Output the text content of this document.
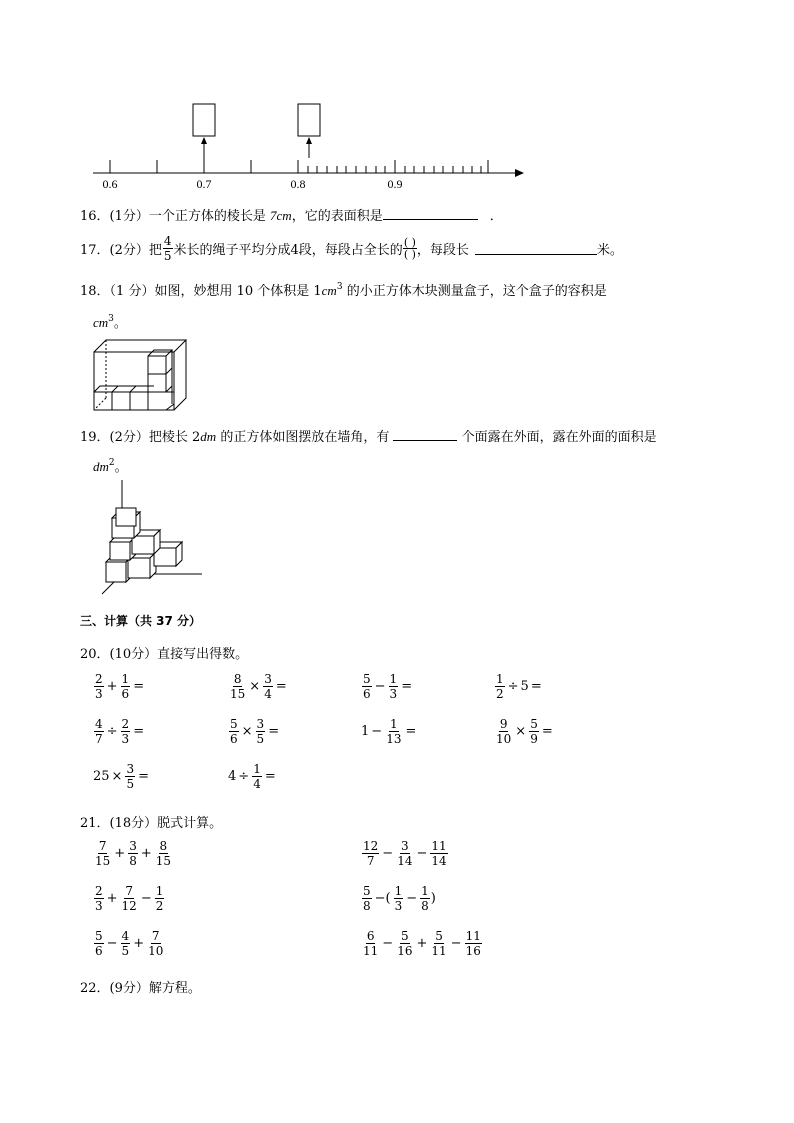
0.6	0.7	0.8	0.9
16．(1分）一个正方体的棱长是 7cm，它的表面积是	．
17．(2分）把 $\frac{4}{5}$ 米长的绳子平均分成4段，每段占全长的 $\frac{( )}{( )}$ ，每段长	米。
18．（1 分）如图，妙想用 10 个体积是 $1cm^3$ 的小正方体木块测量盒子，这个盒子的容积是
$cm^3$。
19．(2分）把棱长 2dm 的正方体如图摆放在墙角，有	个面露在外面，露在外面的面积是
$dm^2$。
三、计算（共 37 分）
20．(10分）直接写出得数。
$\frac{2}{3} + \frac{1}{6}$ =	$\frac{8}{15} \times \frac{3}{4}$ =	$\frac{5}{6} - \frac{1}{3}$ =	$\frac{1}{2} \div 5$ =
$\frac{4}{7} \div \frac{2}{3}$ =	$\frac{5}{6} \times \frac{3}{5}$ =	$1 - \frac{1}{13}$ =	$\frac{9}{10} \times \frac{5}{9}$ =
$25 \times \frac{3}{5}$ =	$4 \div \frac{1}{4}$ =
21．(18分）脱式计算。
$\frac{7}{15} + \frac{3}{8} + \frac{8}{15}$	$\frac{12}{7} - \frac{3}{14} - \frac{11}{14}$
$\frac{2}{3} + \frac{7}{12} - \frac{1}{2}$	$\frac{5}{8}$ −( $\frac{1}{3} - \frac{1}{8}$ )
$\frac{5}{6} - \frac{4}{5} + \frac{7}{10}$	$\frac{6}{11} - \frac{5}{16} + \frac{5}{11} - \frac{11}{16}$
22．(9分）解方程。
